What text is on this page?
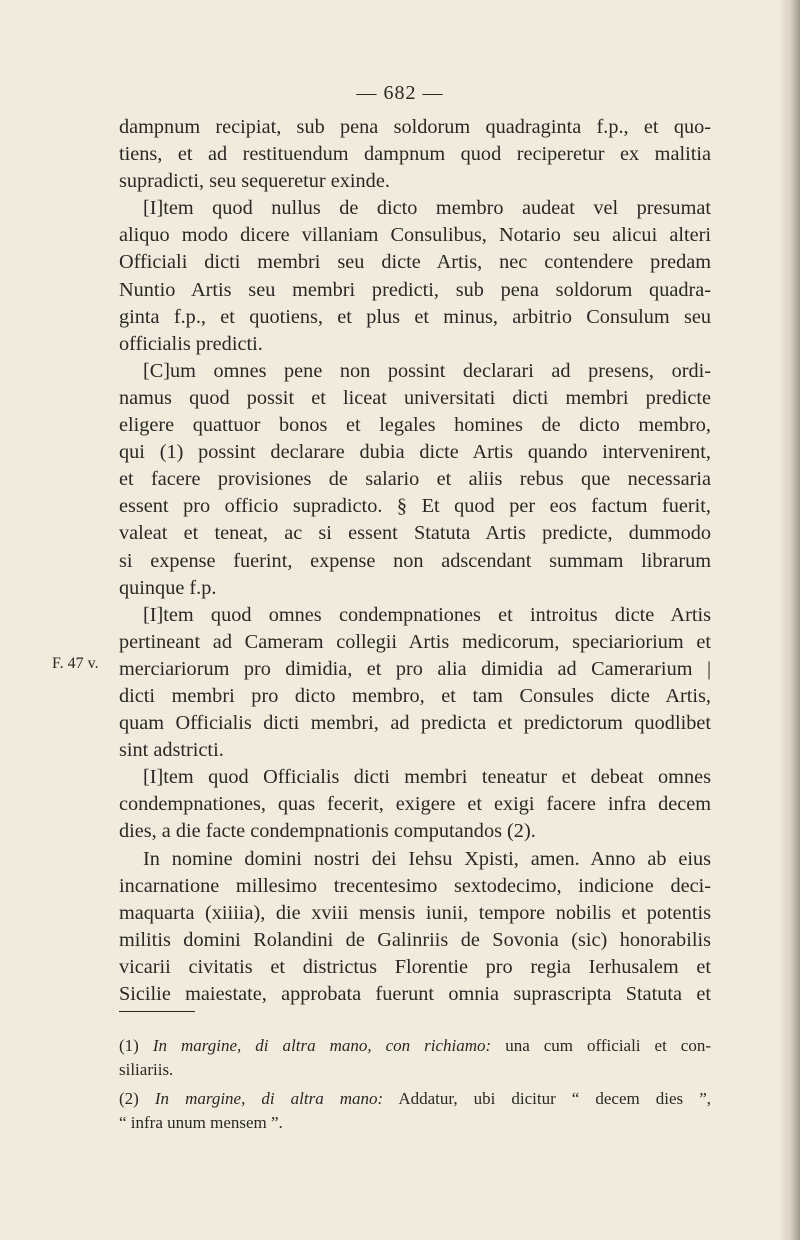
— 682 —
dampnum recipiat, sub pena soldorum quadraginta f.p., et quo-
tiens, et ad restituendum dampnum quod reciperetur ex malitia
supradicti, seu sequeretur exinde.
[I]tem quod nullus de dicto membro audeat vel presumat
aliquo modo dicere villaniam Consulibus, Notario seu alicui alteri
Officiali dicti membri seu dicte Artis, nec contendere predam
Nuntio Artis seu membri predicti, sub pena soldorum quadra-
ginta f.p., et quotiens, et plus et minus, arbitrio Consulum seu
officialis predicti.
[C]um omnes pene non possint declarari ad presens, ordi-
namus quod possit et liceat universitati dicti membri predicte
eligere quattuor bonos et legales homines de dicto membro,
qui (1) possint declarare dubia dicte Artis quando intervenirent,
et facere provisiones de salario et aliis rebus que necessaria
essent pro officio supradicto. § Et quod per eos factum fuerit,
valeat et teneat, ac si essent Statuta Artis predicte, dummodo
si expense fuerint, expense non adscendant summam librarum
quinque f.p.
[I]tem quod omnes condempnationes et introitus dicte Artis
pertineant ad Cameram collegii Artis medicorum, speciariorium et
merciariorum pro dimidia, et pro alia dimidia ad Camerarium |
dicti membri pro dicto membro, et tam Consules dicte Artis,
quam Officialis dicti membri, ad predicta et predictorum quodlibet
sint adstricti.
[I]tem quod Officialis dicti membri teneatur et debeat omnes
condempnationes, quas fecerit, exigere et exigi facere infra decem
dies, a die facte condempnationis computandos (2).
In nomine domini nostri dei Iehsu Xpisti, amen. Anno ab eius
incarnatione millesimo trecentesimo sextodecimo, indicione deci-
maquarta (xiiiia), die xviii mensis iunii, tempore nobilis et potentis
militis domini Rolandini de Galinriis de Sovonia (sic) honorabilis
vicarii civitatis et districtus Florentie pro regia Ierhusalem et
Sicilie maiestate, approbata fuerunt omnia suprascripta Statuta et
F. 47 v.
(1) In margine, di altra mano, con richiamo: una cum officiali et con-
siliariis.
(2) In margine, di altra mano: Addatur, ubi dicitur “ decem dies ”,
“ infra unum mensem ”.
